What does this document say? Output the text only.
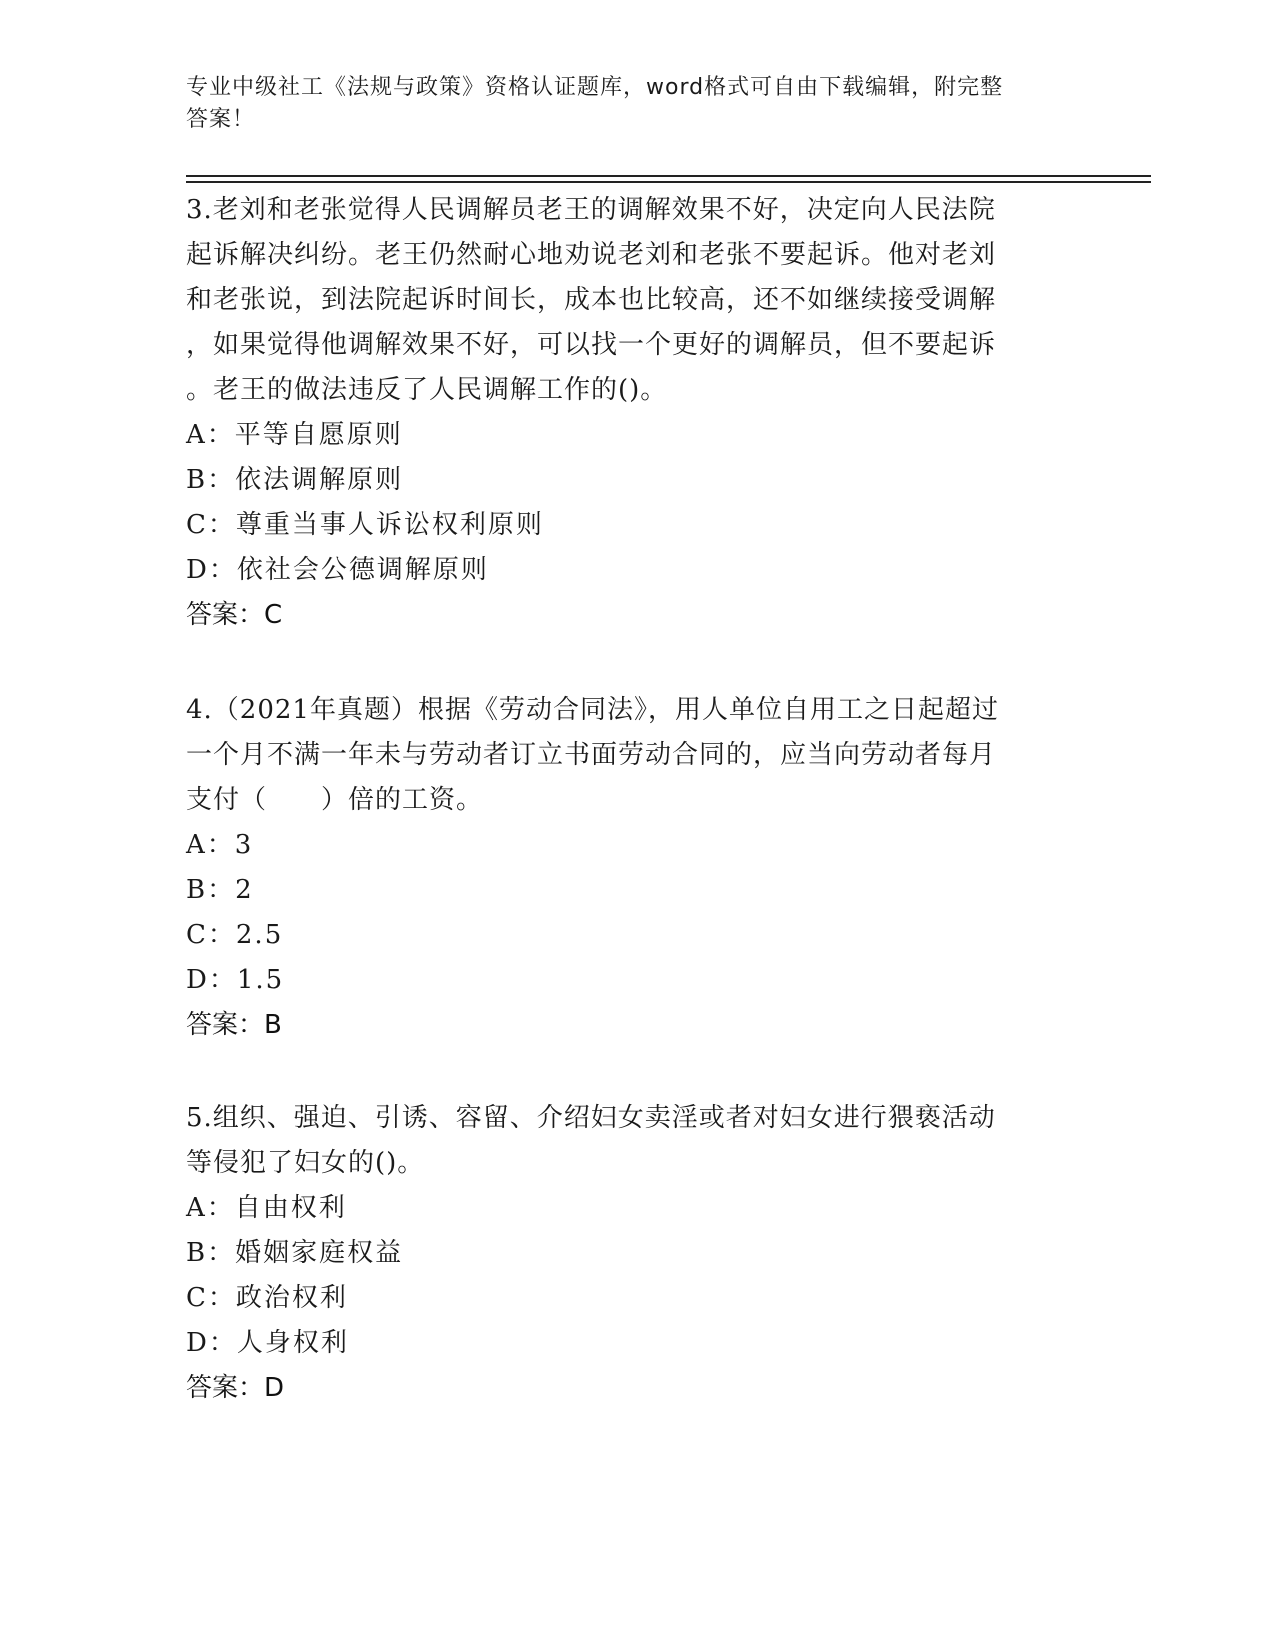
专业中级社工《法规与政策》资格认证题库，word格式可自由下载编辑，附完整
答案！

3.老刘和老张觉得人民调解员老王的调解效果不好，决定向人民法院
起诉解决纠纷。老王仍然耐心地劝说老刘和老张不要起诉。他对老刘
和老张说，到法院起诉时间长，成本也比较高，还不如继续接受调解
，如果觉得他调解效果不好，可以找一个更好的调解员，但不要起诉
。老王的做法违反了人民调解工作的()。

A：平等自愿原则

B：依法调解原则

C：尊重当事人诉讼权利原则

D：依社会公德调解原则

答案：C

4.（2021年真题）根据《劳动合同法》，用人单位自用工之日起超过
一个月不满一年未与劳动者订立书面劳动合同的，应当向劳动者每月
支付（　　）倍的工资。

A：3

B：2

C：2.5

D：1.5

答案：B

5.组织、强迫、引诱、容留、介绍妇女卖淫或者对妇女进行猥亵活动
等侵犯了妇女的()。

A：自由权利

B：婚姻家庭权益

C：政治权利

D：人身权利

答案：D
